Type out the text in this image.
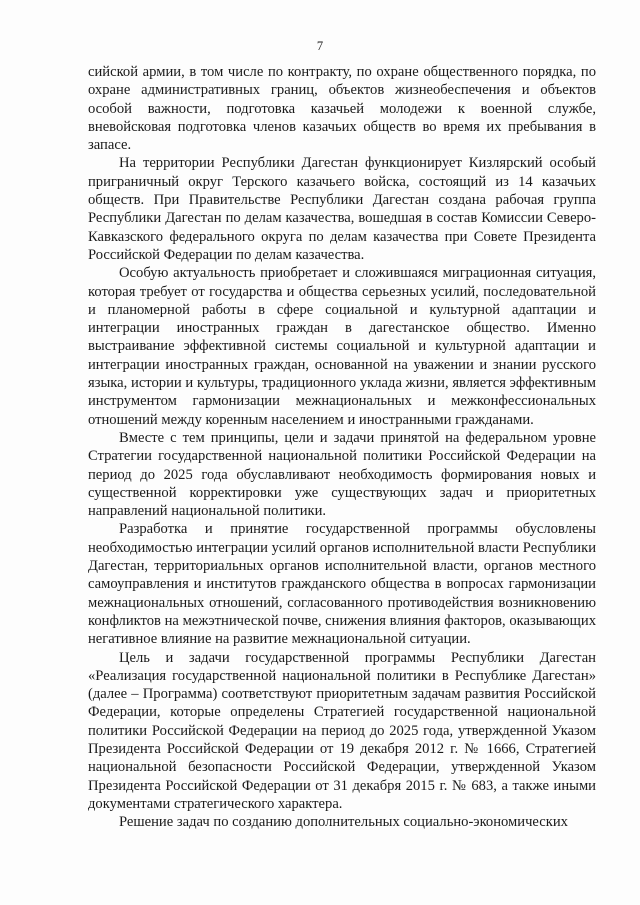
7

сийской армии, в том числе по контракту, по охране общественного порядка, по охране административных границ, объектов жизнеобеспечения и объектов особой важности, подготовка казачьей молодежи к военной службе, вневойсковая подготовка членов казачьих обществ во время их пребывания в запасе.

На территории Республики Дагестан функционирует Кизлярский особый приграничный округ Терского казачьего войска, состоящий из 14 казачьих обществ. При Правительстве Республики Дагестан создана рабочая группа Республики Дагестан по делам казачества, вошедшая в состав Комиссии Северо-Кавказского федерального округа по делам казачества при Совете Президента Российской Федерации по делам казачества.

Особую актуальность приобретает и сложившаяся миграционная ситуация, которая требует от государства и общества серьезных усилий, последовательной и планомерной работы в сфере социальной и культурной адаптации и интеграции иностранных граждан в дагестанское общество. Именно выстраивание эффективной системы социальной и культурной адаптации и интеграции иностранных граждан, основанной на уважении и знании русского языка, истории и культуры, традиционного уклада жизни, является эффективным инструментом гармонизации межнациональных и межконфессиональных отношений между коренным населением и иностранными гражданами.

Вместе с тем принципы, цели и задачи принятой на федеральном уровне Стратегии государственной национальной политики Российской Федерации на период до 2025 года обуславливают необходимость формирования новых и существенной корректировки уже существующих задач и приоритетных направлений национальной политики.

Разработка и принятие государственной программы обусловлены необходимостью интеграции усилий органов исполнительной власти Республики Дагестан, территориальных органов исполнительной власти, органов местного самоуправления и институтов гражданского общества в вопросах гармонизации межнациональных отношений, согласованного противодействия возникновению конфликтов на межэтнической почве, снижения влияния факторов, оказывающих негативное влияние на развитие межнациональной ситуации.

Цель и задачи государственной программы Республики Дагестан «Реализация государственной национальной политики в Республике Дагестан» (далее – Программа) соответствуют приоритетным задачам развития Российской Федерации, которые определены Стратегией государственной национальной политики Российской Федерации на период до 2025 года, утвержденной Указом Президента Российской Федерации от 19 декабря 2012 г. № 1666, Стратегией национальной безопасности Российской Федерации, утвержденной Указом Президента Российской Федерации от 31 декабря 2015 г. № 683, а также иными документами стратегического характера.

Решение задач по созданию дополнительных социально-экономических
